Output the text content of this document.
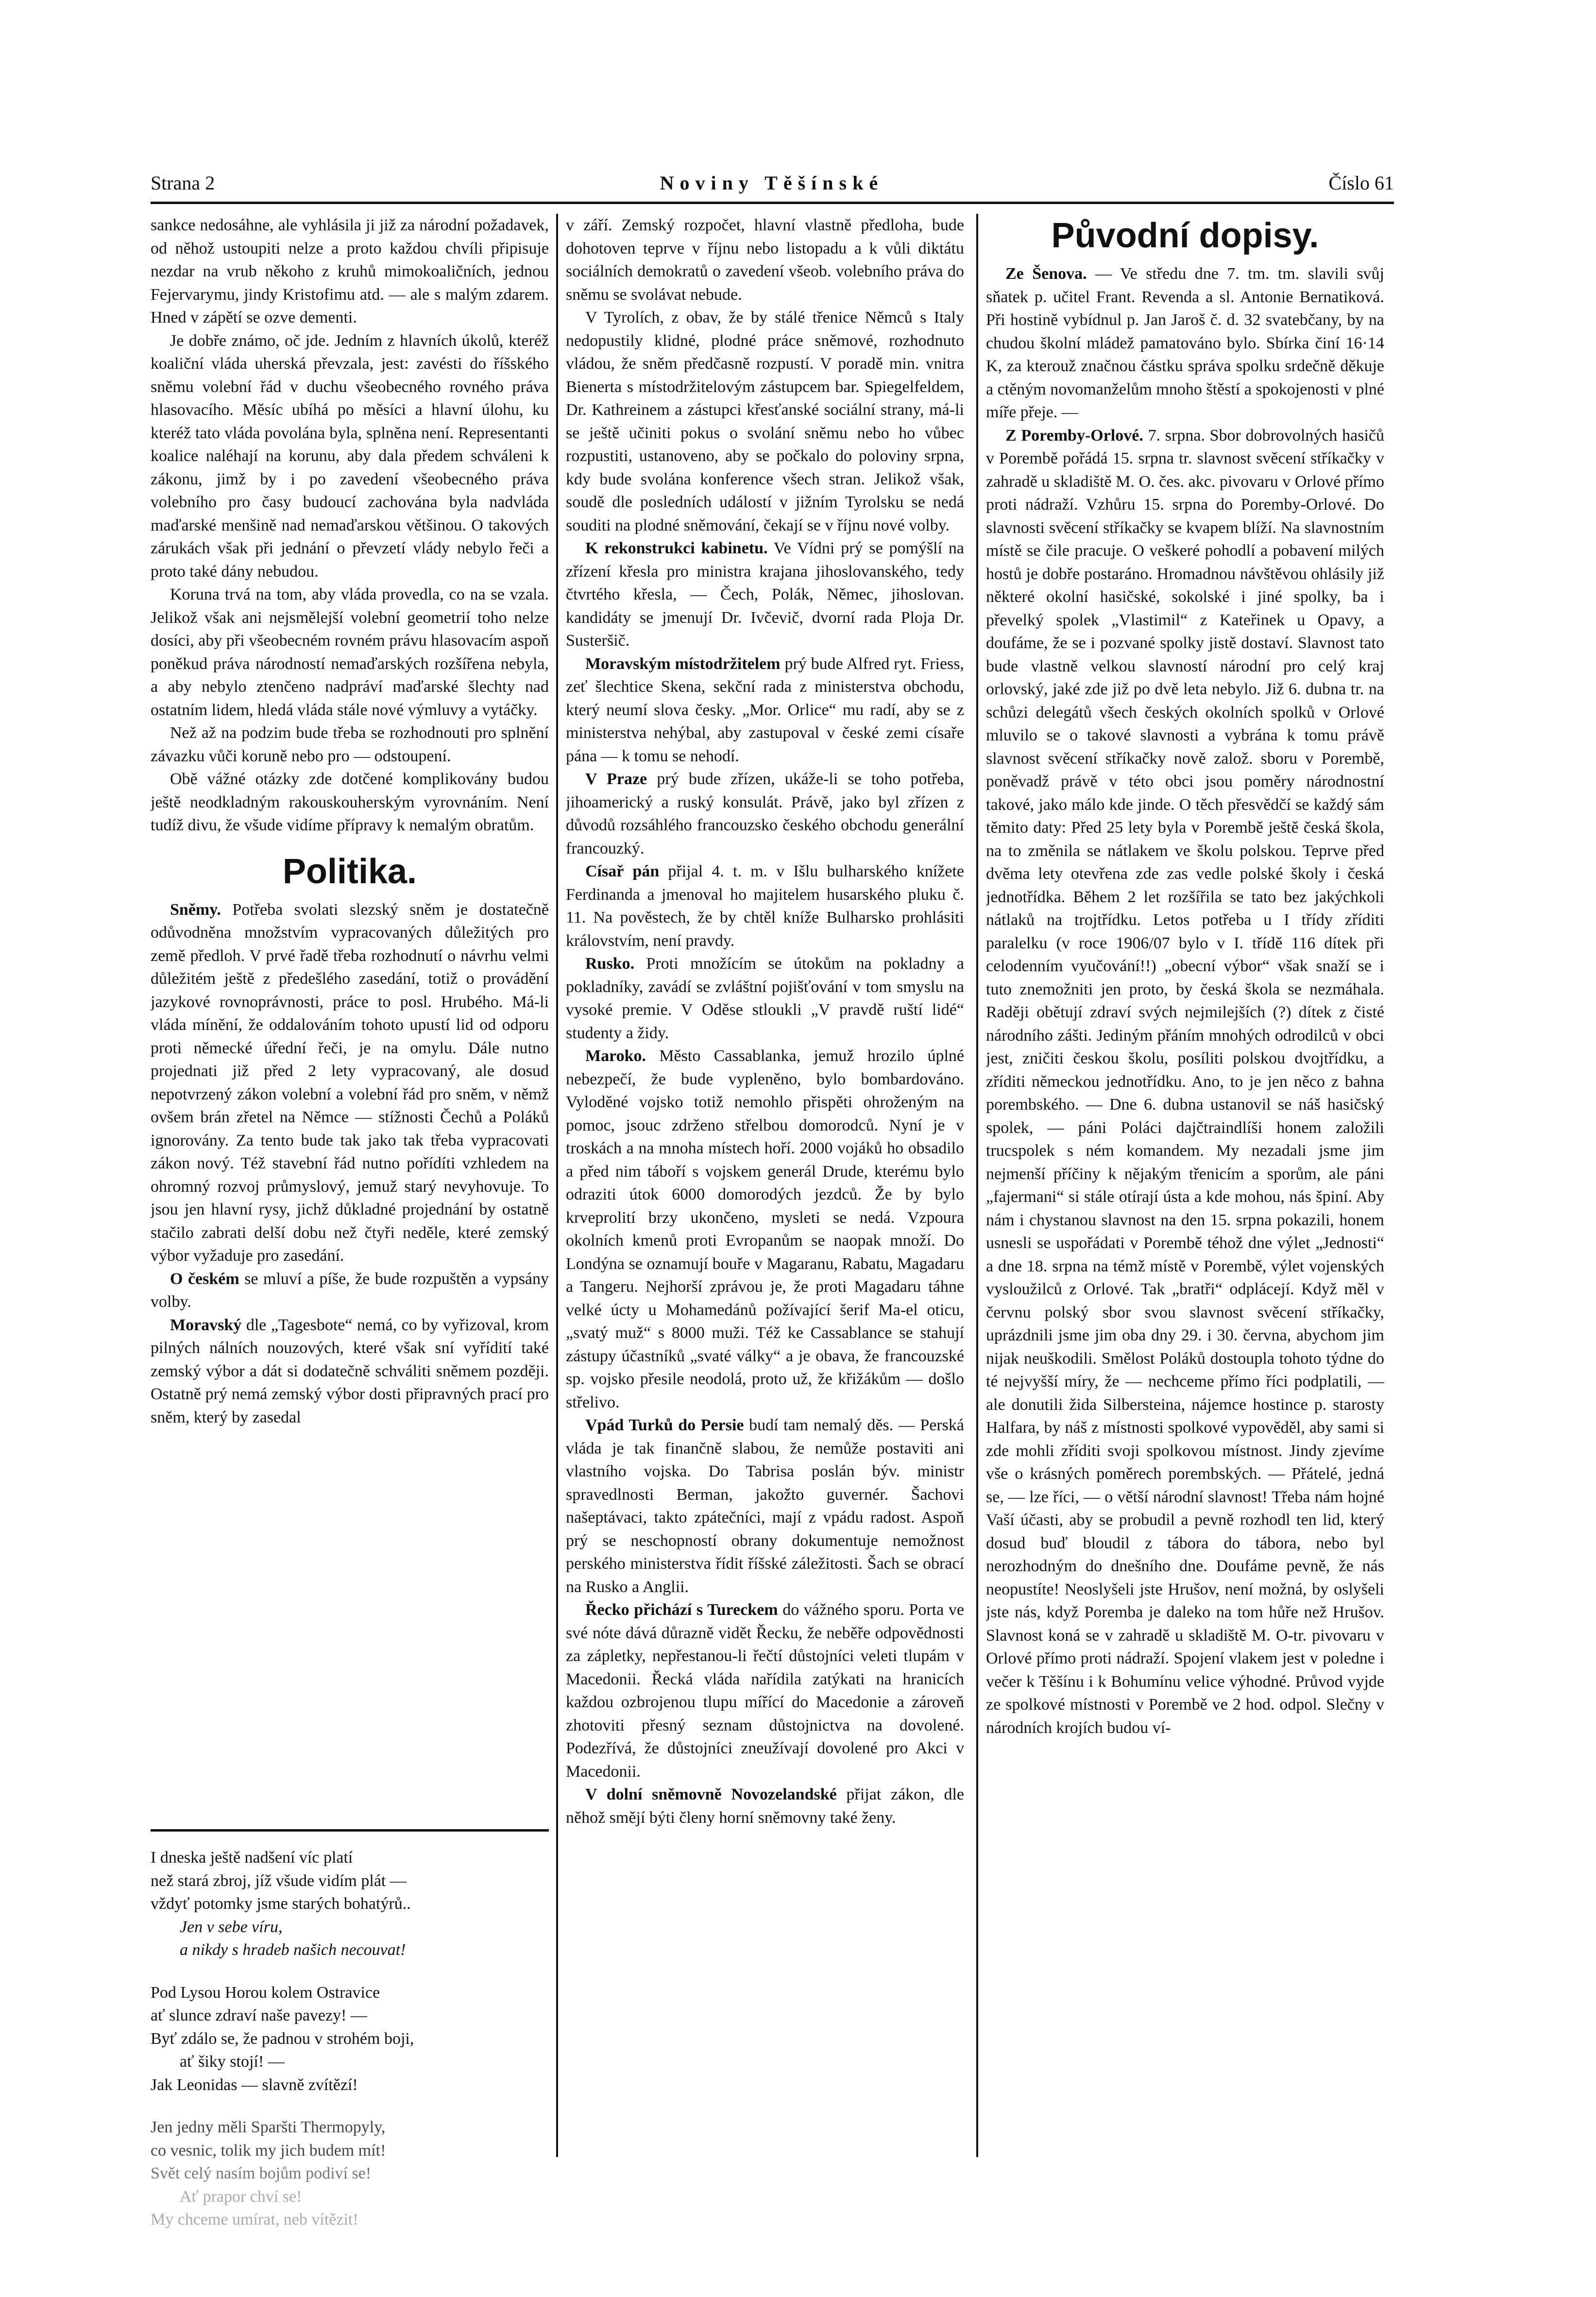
Strana 2	Noviny Těšínské	Číslo 61

sankce nedosáhne, ale vyhlásila ji již za národní požadavek, od něhož ustoupiti nelze a proto každou chvíli připisuje nezdar na vrub někoho z kruhů mimokoaličních, jednou Fejervarymu, jindy Kristofimu atd. — ale s malým zdarem. Hned v zápětí se ozve dementi.

Je dobře známo, oč jde. Jedním z hlavních úkolů, kteréž koaliční vláda uherská převzala, jest: zavésti do říšského sněmu volební řád v duchu všeobecného rovného práva hlasovacího. Měsíc ubíhá po měsíci a hlavní úlohu, ku kteréž tato vláda povolána byla, splněna není. Representanti koalice naléhají na korunu, aby dala předem schváleni k zákonu, jimž by i po zavedení všeobecného práva volebního pro časy budoucí zachována byla nadvláda maďarské menšině nad nemaďarskou většinou. O takových zárukách však při jednání o převzetí vlády nebylo řeči a proto také dány nebudou.

Koruna trvá na tom, aby vláda provedla, co na se vzala. Jelikož však ani nejsmělejší volební geometrií toho nelze dosíci, aby při všeobecném rovném právu hlasovacím aspoň poněkud práva národností nemaďarských rozšířena nebyla, a aby nebylo ztenčeno nadpráví maďarské šlechty nad ostatním lidem, hledá vláda stále nové výmluvy a vytáčky.

Než až na podzim bude třeba se rozhodnouti pro splnění závazku vůči koruně nebo pro — odstoupení.

Obě vážné otázky zde dotčené komplikovány budou ještě neodkladným rakouskouherským vyrovnáním. Není tudíž divu, že všude vidíme přípravy k nemalým obratům.

Politika.

Sněmy. Potřeba svolati slezský sněm je dostatečně odůvodněna množstvím vypracovaných důležitých pro země předloh. V prvé řadě třeba rozhodnutí o návrhu velmi důležitém ještě z předešlého zasedání, totiž o provádění jazykové rovnoprávnosti, práce to posl. Hrubého. Má-li vláda mínění, že oddalováním tohoto upustí lid od odporu proti německé úřední řeči, je na omylu. Dále nutno projednati již před 2 lety vypracovaný, ale dosud nepotvrzený zákon volební a volební řád pro sněm, v němž ovšem brán zřetel na Němce — stížnosti Čechů a Poláků ignorovány. Za tento bude tak jako tak třeba vypracovati zákon nový. Též stavební řád nutno pořídíti vzhledem na ohromný rozvoj průmyslový, jemuž starý nevyhovuje. To jsou jen hlavní rysy, jichž důkladné projednání by ostatně stačilo zabrati delší dobu než čtyři neděle, které zemský výbor vyžaduje pro zasedání.

O českém se mluví a píše, že bude rozpuštěn a vypsány volby.

Moravský dle „Tagesbote“ nemá, co by vyřizoval, krom pilných nálních nouzových, které však sní vyřídití také zemský výbor a dát si dodatečně schváliti sněmem později. Ostatně prý nemá zemský výbor dosti připravných prací pro sněm, který by zasedal

I dneska ještě nadšení víc platí
než stará zbroj, jíž všude vidím plát —
vždyť potomky jsme starých bohatýrů..
Jen v sebe víru,
a nikdy s hradeb našich necouvat!
Pod Lysou Horou kolem Ostravice
ať slunce zdraví naše pavezy! —
Byť zdálo se, že padnou v strohém boji,
ať šiky stojí! —
Jak Leonidas — slavně zvítězí!
Jen jedny měli Sparšti Thermopyly,
co vesnic, tolik my jich budem mít!
Svět celý nasím bojům podiví se!
Ať prapor chví se!
My chceme umírat, neb vítězit!

v září. Zemský rozpočet, hlavní vlastně předloha, bude dohotoven teprve v říjnu nebo listopadu a k vůli diktátu sociálních demokratů o zavedení všeob. volebního práva do sněmu se svolávat nebude.

V Tyrolích, z obav, že by stálé třenice Němců s Italy nedopustily klidné, plodné práce sněmové, rozhodnuto vládou, že sněm předčasně rozpustí. V poradě min. vnitra Bienerta s místodržitelovým zástupcem bar. Spiegelfeldem, Dr. Kathreinem a zástupci křesťanské sociální strany, má-li se ještě učiniti pokus o svolání sněmu nebo ho vůbec rozpustiti, ustanoveno, aby se počkalo do poloviny srpna, kdy bude svolána konference všech stran. Jelikož však, soudě dle posledních událostí v jižním Tyrolsku se nedá souditi na plodné sněmování, čekají se v říjnu nové volby.

K rekonstrukci kabinetu. Ve Vídni prý se pomýšlí na zřízení křesla pro ministra krajana jihoslovanského, tedy čtvrtého křesla, — Čech, Polák, Němec, jihoslovan. kandidáty se jmenují Dr. Ivčevič, dvorní rada Ploja Dr. Susteršič.

Moravským místodržitelem prý bude Alfred ryt. Friess, zeť šlechtice Skena, sekční rada z ministerstva obchodu, který neumí slova česky. „Mor. Orlice“ mu radí, aby se z ministerstva nehýbal, aby zastupoval v české zemi císaře pána — k tomu se nehodí.

V Praze prý bude zřízen, ukáže-li se toho potřeba, jihoamerický a ruský konsulát. Právě, jako byl zřízen z důvodů rozsáhlého francouzsko českého obchodu generální francouzký.

Císař pán přijal 4. t. m. v Išlu bulharského knížete Ferdinanda a jmenoval ho majitelem husarského pluku č. 11. Na pověstech, že by chtěl kníže Bulharsko prohlásiti královstvím, není pravdy.

Rusko. Proti množícím se útokům na pokladny a pokladníky, zavádí se zvláštní pojišťování v tom smyslu na vysoké premie. V Oděse stloukli „V pravdě ruští lidé“ studenty a židy.

Maroko. Město Cassablanka, jemuž hrozilo úplné nebezpečí, že bude vypleněno, bylo bombardováno. Vyloděné vojsko totiž nemohlo přispěti ohroženým na pomoc, jsouc zdrženo střelbou domorodců. Nyní je v troskách a na mnoha místech hoří. 2000 vojáků ho obsadilo a před nim táboří s vojskem generál Drude, kterému bylo odraziti útok 6000 domorodých jezdců. Že by bylo krveprolití brzy ukončeno, mysleti se nedá. Vzpoura okolních kmenů proti Evropanům se naopak množí. Do Londýna se oznamují bouře v Magaranu, Rabatu, Magadaru a Tangeru. Nejhorší zprávou je, že proti Magadaru táhne velké úcty u Mohamedánů požívající šerif Ma-el oticu, „svatý muž“ s 8000 muži. Též ke Cassablance se stahují zástupy účastníků „svaté války“ a je obava, že francouzské sp. vojsko přesile neodolá, proto už, že křižákům — došlo střelivo.

Vpád Turků do Persie budí tam nemalý děs. — Perská vláda je tak finančně slabou, že nemůže postaviti ani vlastního vojska. Do Tabrisa poslán býv. ministr spravedlnosti Berman, jakožto guvernér. Šachovi našeptávaci, takto zpátečníci, mají z vpádu radost. Aspoň prý se neschopností obrany dokumentuje nemožnost perského ministerstva řídit říšské záležitosti. Šach se obrací na Rusko a Anglii.

Řecko přichází s Tureckem do vážného sporu. Porta ve své nóte dává důrazně vidět Řecku, že neběře odpovědnosti za zápletky, nepřestanou-li řečtí důstojníci veleti tlupám v Macedonii. Řecká vláda nařídila zatýkati na hranicích každou ozbrojenou tlupu mířící do Macedonie a zároveň zhotoviti přesný seznam důstojnictva na dovolené. Podezřívá, že důstojníci zneužívají dovolené pro Akci v Macedonii.

V dolní sněmovně Novozelandské přijat zákon, dle něhož smějí býti členy horní sněmovny také ženy.

Původní dopisy.

Ze Šenova. — Ve středu dne 7. tm. tm. slavili svůj sňatek p. učitel Frant. Revenda a sl. Antonie Bernatiková. Při hostině vybídnul p. Jan Jaroš č. d. 32 svatebčany, by na chudou školní mládež pamatováno bylo. Sbírka činí 16·14 K, za kterouž značnou částku správa spolku srdečně děkuje a ctěným novomanželům mnoho štěstí a spokojenosti v plné míře přeje. —

Z Poremby-Orlové. 7. srpna. Sbor dobrovolných hasičů v Porembě pořádá 15. srpna tr. slavnost svěcení stříkačky v zahradě u skladiště M. O. čes. akc. pivovaru v Orlové přímo proti nádraží. Vzhůru 15. srpna do Poremby-Orlové. Do slavnosti svěcení stříkačky se kvapem blíží. Na slavnostním místě se čile pracuje. O veškeré pohodlí a pobavení milých hostů je dobře postaráno. Hromadnou návštěvou ohlásily již některé okolní hasičské, sokolské i jiné spolky, ba i převelký spolek „Vlastimil“ z Kateřinek u Opavy, a doufáme, že se i pozvané spolky jistě dostaví. Slavnost tato bude vlastně velkou slavností národní pro celý kraj orlovský, jaké zde již po dvě leta nebylo. Již 6. dubna tr. na schůzi delegátů všech českých okolních spolků v Orlové mluvilo se o takové slavnosti a vybrána k tomu právě slavnost svěcení stříkačky nově založ. sboru v Porembě, poněvadž právě v této obci jsou poměry národnostní takové, jako málo kde jinde. O těch přesvědčí se každý sám těmito daty: Před 25 lety byla v Porembě ještě česká škola, na to změnila se nátlakem ve školu polskou. Teprve před dvěma lety otevřena zde zas vedle polské školy i česká jednotřídka. Během 2 let rozšířila se tato bez jakýchkoli nátlaků na trojtřídku. Letos potřeba u I třídy zříditi paralelku (v roce 1906/07 bylo v I. třídě 116 dítek při celodenním vyučování!!) „obecní výbor“ však snaží se i tuto znemožniti jen proto, by česká škola se nezmáhala. Raději obětují zdraví svých nejmilejších (?) dítek z čisté národního zášti. Jediným přáním mnohých odrodilců v obci jest, zničiti českou školu, posíliti polskou dvojtřídku, a zříditi německou jednotřídku. Ano, to je jen něco z bahna porembského. — Dne 6. dubna ustanovil se náš hasičský spolek, — páni Poláci dajčtraindlíši honem založili trucspolek s ném komandem. My nezadali jsme jim nejmenší příčiny k nějakým třenicím a sporům, ale páni „fajermani“ si stále otírají ústa a kde mohou, nás špiní. Aby nám i chystanou slavnost na den 15. srpna pokazili, honem usnesli se uspořádati v Porembě téhož dne výlet „Jednosti“ a dne 18. srpna na témž místě v Porembě, výlet vojenských vysloužilců z Orlové. Tak „bratři“ odplácejí. Když měl v červnu polský sbor svou slavnost svěcení stříkačky, uprázdnili jsme jim oba dny 29. i 30. června, abychom jim nijak neuškodili. Smělost Poláků dostoupla tohoto týdne do té nejvyšší míry, že — nechceme přímo říci podplatili, — ale donutili žida Silbersteina, nájemce hostince p. starosty Halfara, by náš z místnosti spolkové vypověděl, aby sami si zde mohli zříditi svoji spolkovou místnost. Jindy zjevíme vše o krásných poměrech porembských. — Přátelé, jedná se, — lze říci, — o větší národní slavnost! Třeba nám hojné Vaší účasti, aby se probudil a pevně rozhodl ten lid, který dosud buď bloudil z tábora do tábora, nebo byl nerozhodným do dnešního dne. Doufáme pevně, že nás neopustíte! Neoslyšeli jste Hrušov, není možná, by oslyšeli jste nás, když Poremba je daleko na tom hůře než Hrušov. Slavnost koná se v zahradě u skladiště M. O-tr. pivovaru v Orlové přímo proti nádraží. Spojení vlakem jest v poledne i večer k Těšínu i k Bohumínu velice výhodné. Průvod vyjde ze spolkové místnosti v Porembě ve 2 hod. odpol. Slečny v národních krojích budou ví-
